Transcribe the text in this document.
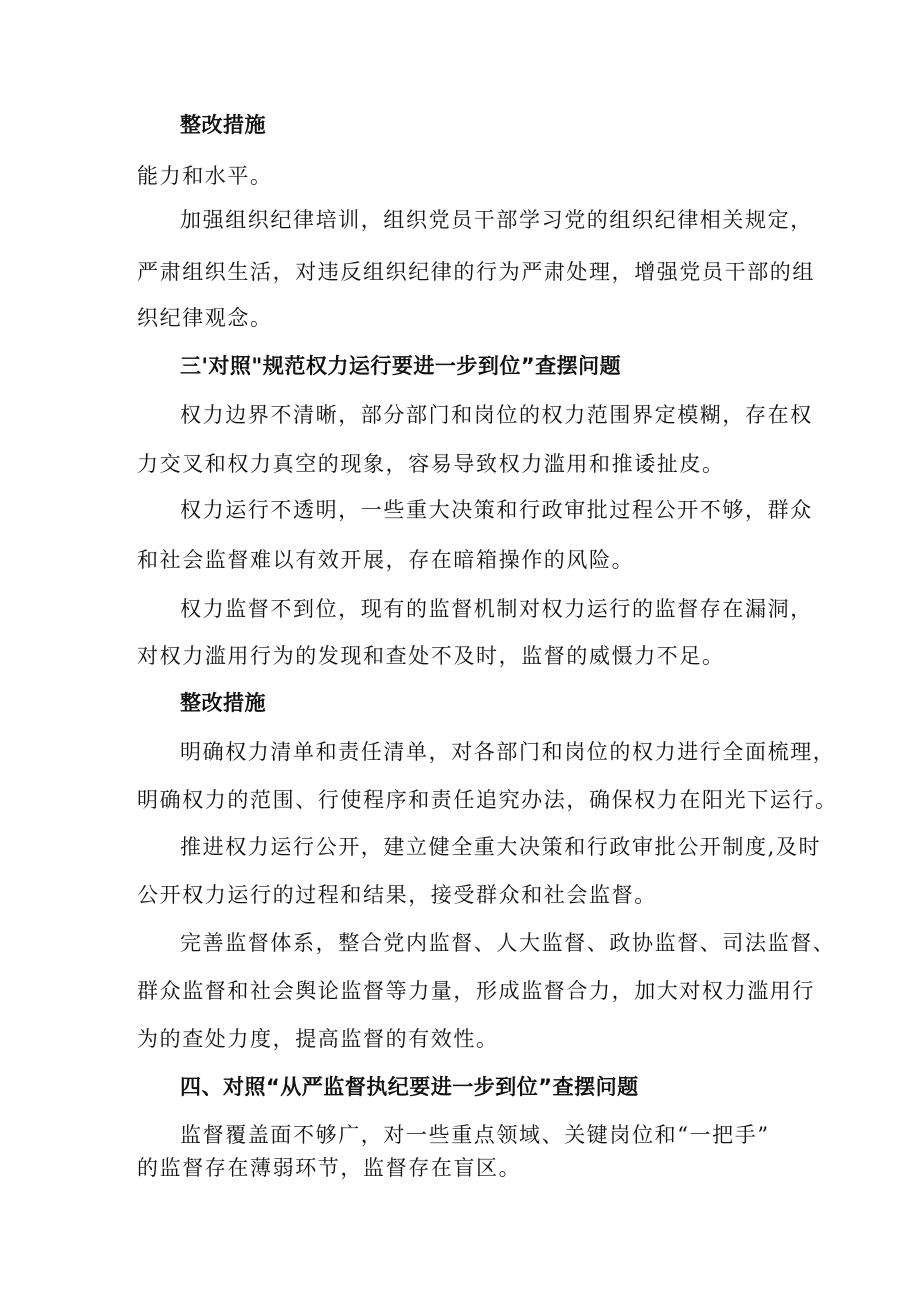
整改措施
能力和水平。
加强组织纪律培训，组织党员干部学习党的组织纪律相关规定，
严肃组织生活，对违反组织纪律的行为严肃处理，增强党员干部的组
织纪律观念。
三'对照"规范权力运行要进一步到位”查摆问题
权力边界不清晰，部分部门和岗位的权力范围界定模糊，存在权
力交叉和权力真空的现象，容易导致权力滥用和推诿扯皮。
权力运行不透明，一些重大决策和行政审批过程公开不够，群众
和社会监督难以有效开展，存在暗箱操作的风险。
权力监督不到位，现有的监督机制对权力运行的监督存在漏洞，
对权力滥用行为的发现和查处不及时，监督的威慑力不足。
整改措施
明确权力清单和责任清单，对各部门和岗位的权力进行全面梳理，
明确权力的范围、行使程序和责任追究办法，确保权力在阳光下运行。
推进权力运行公开，建立健全重大决策和行政审批公开制度,及时
公开权力运行的过程和结果，接受群众和社会监督。
完善监督体系，整合党内监督、人大监督、政协监督、司法监督、
群众监督和社会舆论监督等力量，形成监督合力，加大对权力滥用行
为的查处力度，提高监督的有效性。
四、对照“从严监督执纪要进一步到位”查摆问题
监督覆盖面不够广，对一些重点领域、关键岗位和“一把手”
的监督存在薄弱环节，监督存在盲区。
